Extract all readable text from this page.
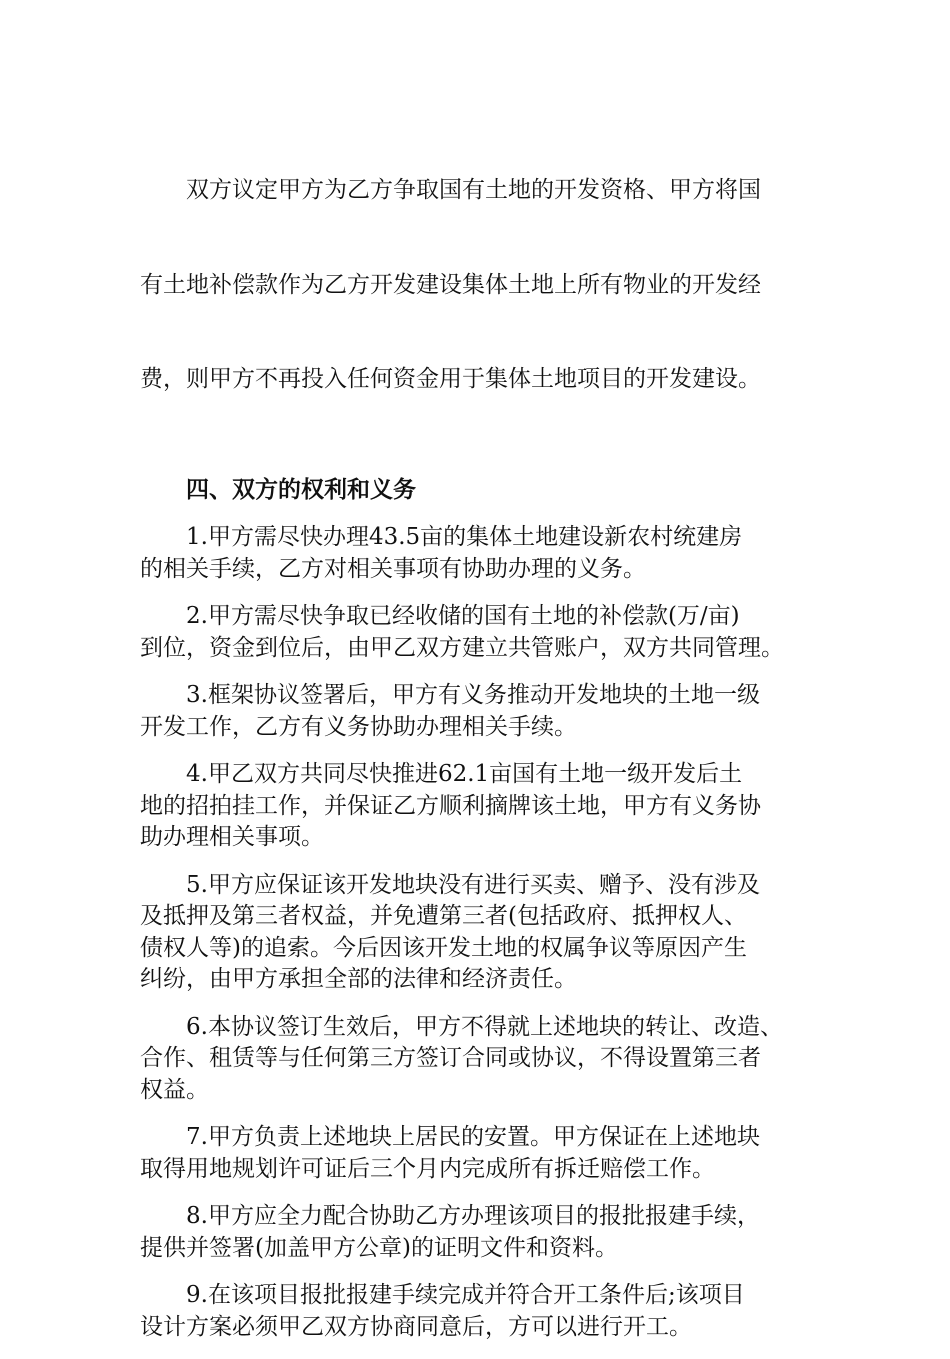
双方议定甲方为乙方争取国有土地的开发资格、甲方将国

有土地补偿款作为乙方开发建设集体土地上所有物业的开发经

费，则甲方不再投入任何资金用于集体土地项目的开发建设。

四、双方的权利和义务

1.甲方需尽快办理43.5亩的集体土地建设新农村统建房
的相关手续，乙方对相关事项有协助办理的义务。

2.甲方需尽快争取已经收储的国有土地的补偿款(万/亩)
到位，资金到位后，由甲乙双方建立共管账户，双方共同管理。

3.框架协议签署后，甲方有义务推动开发地块的土地一级
开发工作，乙方有义务协助办理相关手续。

4.甲乙双方共同尽快推进62.1亩国有土地一级开发后土
地的招拍挂工作，并保证乙方顺利摘牌该土地，甲方有义务协
助办理相关事项。

5.甲方应保证该开发地块没有进行买卖、赠予、没有涉及
及抵押及第三者权益，并免遭第三者(包括政府、抵押权人、
债权人等)的追索。今后因该开发土地的权属争议等原因产生
纠纷，由甲方承担全部的法律和经济责任。

6.本协议签订生效后，甲方不得就上述地块的转让、改造、
合作、租赁等与任何第三方签订合同或协议，不得设置第三者
权益。

7.甲方负责上述地块上居民的安置。甲方保证在上述地块
取得用地规划许可证后三个月内完成所有拆迁赔偿工作。

8.甲方应全力配合协助乙方办理该项目的报批报建手续，
提供并签署(加盖甲方公章)的证明文件和资料。

9.在该项目报批报建手续完成并符合开工条件后;该项目
设计方案必须甲乙双方协商同意后，方可以进行开工。
